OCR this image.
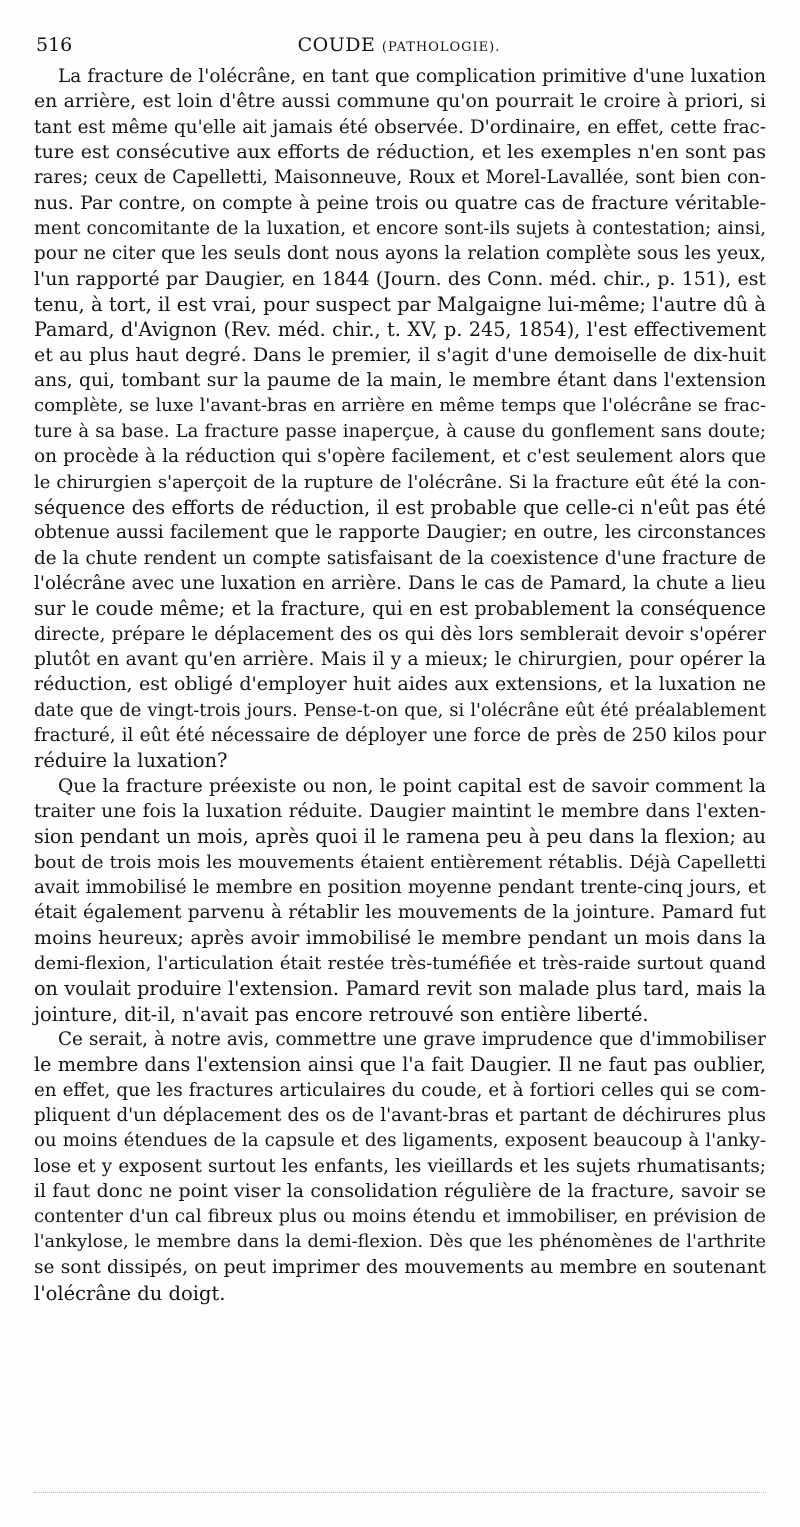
516	COUDE (PATHOLOGIE).
La fracture de l'olécrâne, en tant que complication primitive d'une luxation
en arrière, est loin d'être aussi commune qu'on pourrait le croire à priori, si
tant est même qu'elle ait jamais été observée. D'ordinaire, en effet, cette frac-
ture est consécutive aux efforts de réduction, et les exemples n'en sont pas
rares; ceux de Capelletti, Maisonneuve, Roux et Morel-Lavallée, sont bien con-
nus. Par contre, on compte à peine trois ou quatre cas de fracture véritable-
ment concomitante de la luxation, et encore sont-ils sujets à contestation; ainsi,
pour ne citer que les seuls dont nous ayons la relation complète sous les yeux,
l'un rapporté par Daugier, en 1844 (Journ. des Conn. méd. chir., p. 151), est
tenu, à tort, il est vrai, pour suspect par Malgaigne lui-même; l'autre dû à
Pamard, d'Avignon (Rev. méd. chir., t. XV, p. 245, 1854), l'est effectivement
et au plus haut degré. Dans le premier, il s'agit d'une demoiselle de dix-huit
ans, qui, tombant sur la paume de la main, le membre étant dans l'extension
complète, se luxe l'avant-bras en arrière en même temps que l'olécrâne se frac-
ture à sa base. La fracture passe inaperçue, à cause du gonflement sans doute;
on procède à la réduction qui s'opère facilement, et c'est seulement alors que
le chirurgien s'aperçoit de la rupture de l'olécrâne. Si la fracture eût été la con-
séquence des efforts de réduction, il est probable que celle-ci n'eût pas été
obtenue aussi facilement que le rapporte Daugier; en outre, les circonstances
de la chute rendent un compte satisfaisant de la coexistence d'une fracture de
l'olécrâne avec une luxation en arrière. Dans le cas de Pamard, la chute a lieu
sur le coude même; et la fracture, qui en est probablement la conséquence
directe, prépare le déplacement des os qui dès lors semblerait devoir s'opérer
plutôt en avant qu'en arrière. Mais il y a mieux; le chirurgien, pour opérer la
réduction, est obligé d'employer huit aides aux extensions, et la luxation ne
date que de vingt-trois jours. Pense-t-on que, si l'olécrâne eût été préalablement
fracturé, il eût été nécessaire de déployer une force de près de 250 kilos pour
réduire la luxation?
Que la fracture préexiste ou non, le point capital est de savoir comment la
traiter une fois la luxation réduite. Daugier maintint le membre dans l'exten-
sion pendant un mois, après quoi il le ramena peu à peu dans la flexion; au
bout de trois mois les mouvements étaient entièrement rétablis. Déjà Capelletti
avait immobilisé le membre en position moyenne pendant trente-cinq jours, et
était également parvenu à rétablir les mouvements de la jointure. Pamard fut
moins heureux; après avoir immobilisé le membre pendant un mois dans la
demi-flexion, l'articulation était restée très-tuméfiée et très-raide surtout quand
on voulait produire l'extension. Pamard revit son malade plus tard, mais la
jointure, dit-il, n'avait pas encore retrouvé son entière liberté.
Ce serait, à notre avis, commettre une grave imprudence que d'immobiliser
le membre dans l'extension ainsi que l'a fait Daugier. Il ne faut pas oublier,
en effet, que les fractures articulaires du coude, et à fortiori celles qui se com-
pliquent d'un déplacement des os de l'avant-bras et partant de déchirures plus
ou moins étendues de la capsule et des ligaments, exposent beaucoup à l'anky-
lose et y exposent surtout les enfants, les vieillards et les sujets rhumatisants;
il faut donc ne point viser la consolidation régulière de la fracture, savoir se
contenter d'un cal fibreux plus ou moins étendu et immobiliser, en prévision de
l'ankylose, le membre dans la demi-flexion. Dès que les phénomènes de l'arthrite
se sont dissipés, on peut imprimer des mouvements au membre en soutenant
l'olécrâne du doigt.
